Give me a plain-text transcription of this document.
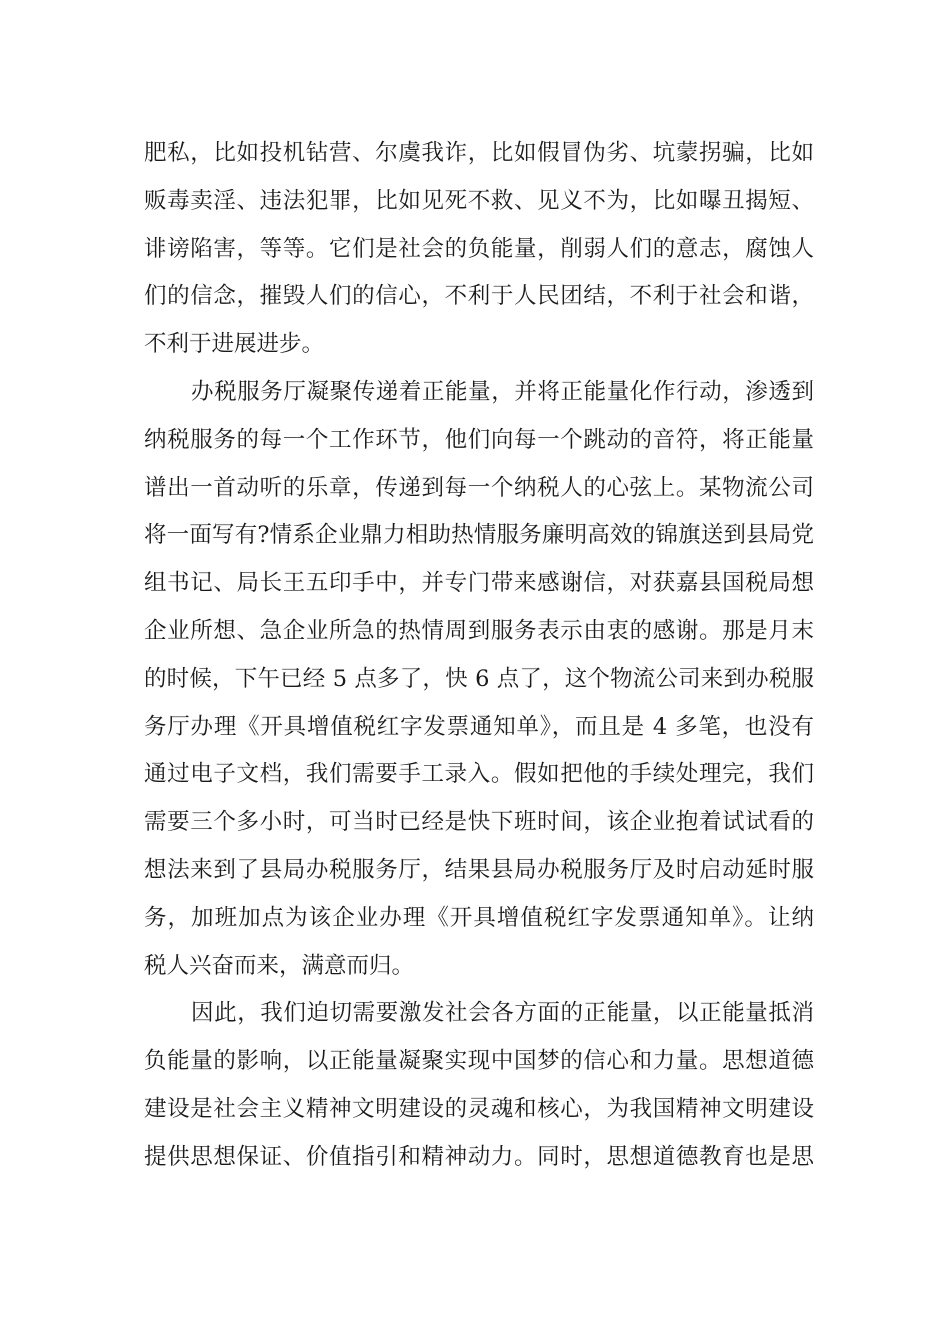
肥私，比如投机钻营、尔虞我诈，比如假冒伪劣、坑蒙拐骗，比如
贩毒卖淫、违法犯罪，比如见死不救、见义不为，比如曝丑揭短、
诽谤陷害，等等。它们是社会的负能量，削弱人们的意志，腐蚀人
们的信念，摧毁人们的信心，不利于人民团结，不利于社会和谐，
不利于进展进步。
办税服务厅凝聚传递着正能量，并将正能量化作行动，渗透到
纳税服务的每一个工作环节，他们向每一个跳动的音符，将正能量
谱出一首动听的乐章，传递到每一个纳税人的心弦上。某物流公司
将一面写有?情系企业鼎力相助热情服务廉明高效的锦旗送到县局党
组书记、局长王五印手中，并专门带来感谢信，对获嘉县国税局想
企业所想、急企业所急的热情周到服务表示由衷的感谢。那是月末
的时候，下午已经 5 点多了，快 6 点了，这个物流公司来到办税服
务厅办理《开具增值税红字发票通知单》，而且是 4 多笔，也没有
通过电子文档，我们需要手工录入。假如把他的手续处理完，我们
需要三个多小时，可当时已经是快下班时间，该企业抱着试试看的
想法来到了县局办税服务厅，结果县局办税服务厅及时启动延时服
务，加班加点为该企业办理《开具增值税红字发票通知单》。让纳
税人兴奋而来，满意而归。
因此，我们迫切需要激发社会各方面的正能量，以正能量抵消
负能量的影响，以正能量凝聚实现中国梦的信心和力量。思想道德
建设是社会主义精神文明建设的灵魂和核心，为我国精神文明建设
提供思想保证、价值指引和精神动力。同时，思想道德教育也是思
